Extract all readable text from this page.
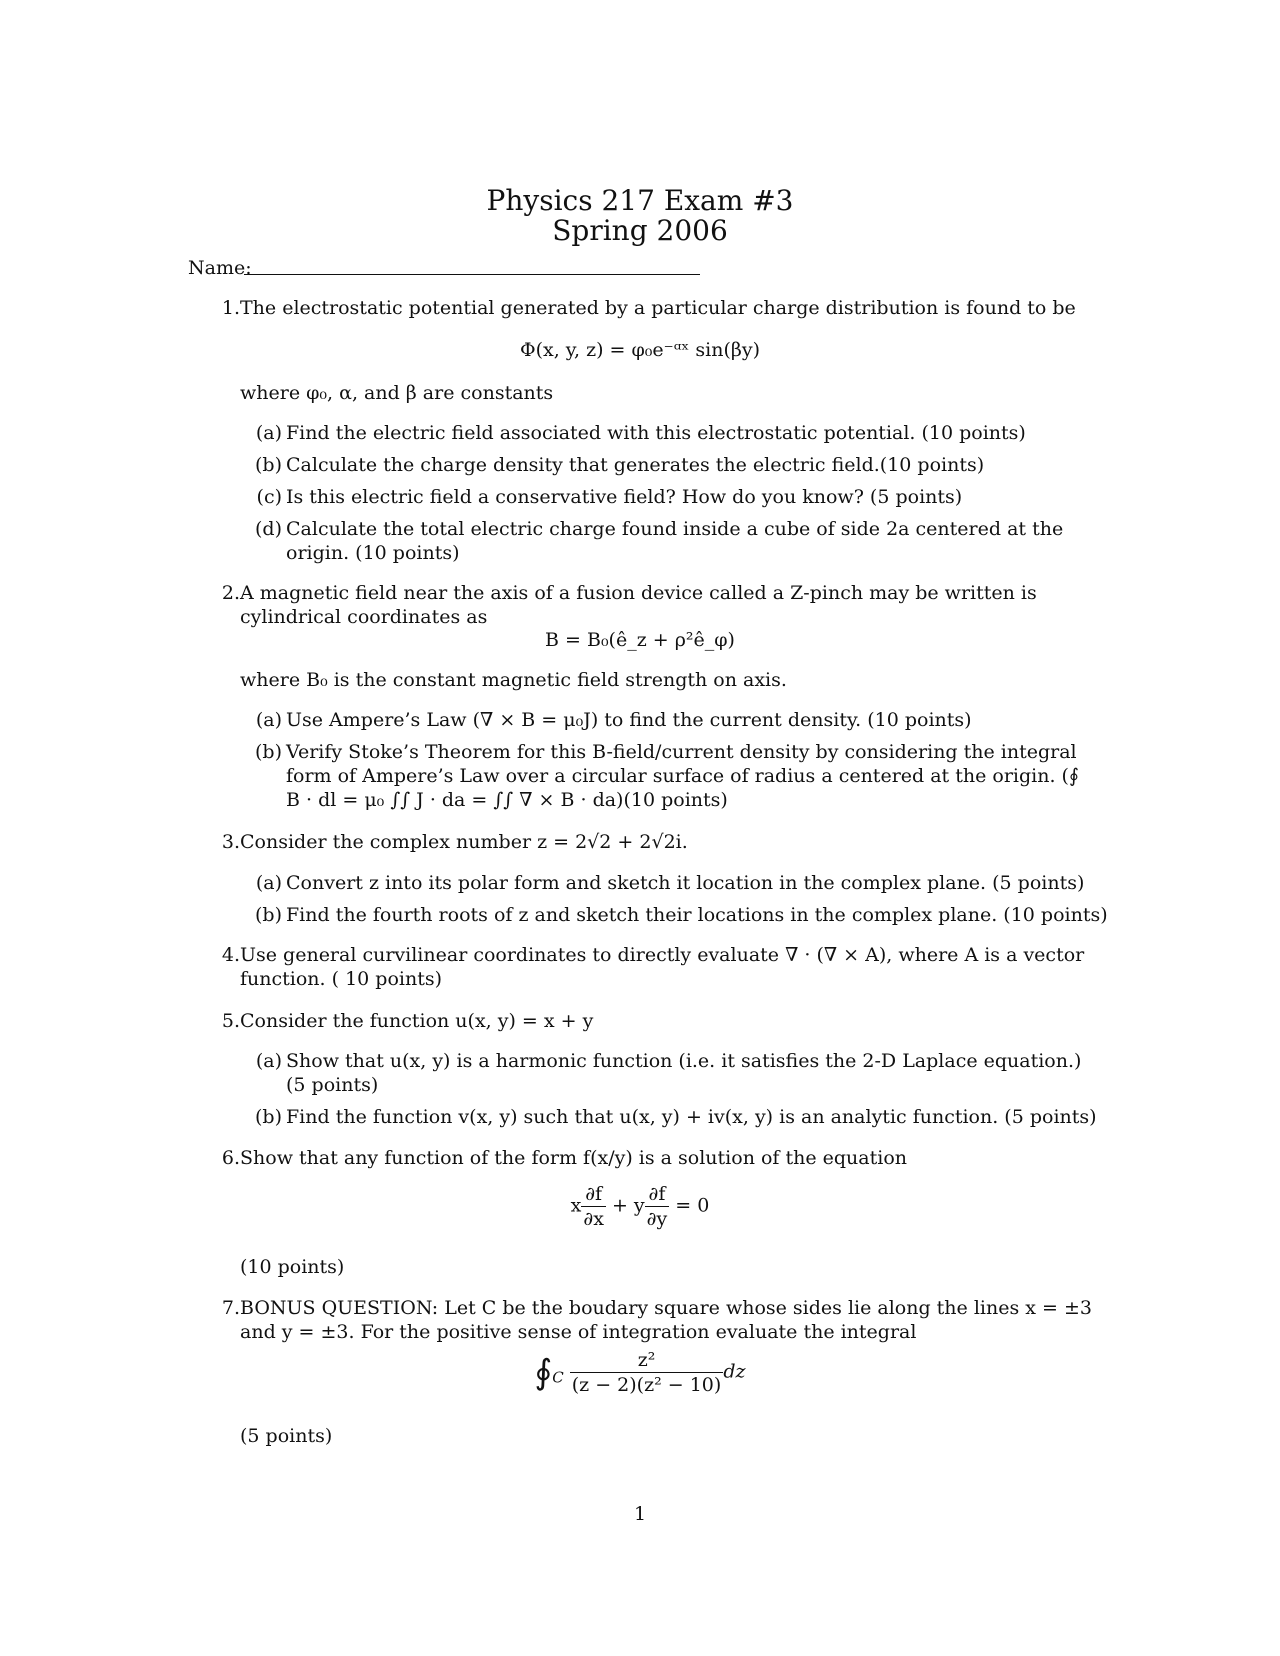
Physics 217 Exam #3
Spring 2006
Name:
1. The electrostatic potential generated by a particular charge distribution is found to be
Φ(x, y, z) = φ₀e⁻ᵅˣ sin(βy)
where φ₀, α, and β are constants
(a) Find the electric field associated with this electrostatic potential. (10 points)
(b) Calculate the charge density that generates the electric field.(10 points)
(c) Is this electric field a conservative field? How do you know? (5 points)
(d) Calculate the total electric charge found inside a cube of side 2a centered at the origin. (10 points)
2. A magnetic field near the axis of a fusion device called a Z-pinch may be written is cylindrical coordinates as
B = B₀(ê_z + ρ²ê_φ)
where B₀ is the constant magnetic field strength on axis.
(a) Use Ampere’s Law (∇ × B = μ₀J) to find the current density. (10 points)
(b) Verify Stoke’s Theorem for this B-field/current density by considering the integral form of Ampere’s Law over a circular surface of radius a centered at the origin. (∮ B · dl = μ₀ ∫∫ J · da = ∫∫ ∇ × B · da)(10 points)
3. Consider the complex number z = 2√2 + 2√2i.
(a) Convert z into its polar form and sketch it location in the complex plane. (5 points)
(b) Find the fourth roots of z and sketch their locations in the complex plane. (10 points)
4. Use general curvilinear coordinates to directly evaluate ∇ · (∇ × A), where A is a vector function. ( 10 points)
5. Consider the function u(x, y) = x + y
(a) Show that u(x, y) is a harmonic function (i.e. it satisfies the 2-D Laplace equation.) (5 points)
(b) Find the function v(x, y) such that u(x, y) + iv(x, y) is an analytic function. (5 points)
6. Show that any function of the form f(x/y) is a solution of the equation
x $\frac{\partial f}{\partial x} + y \frac{\partial f}{\partial y} = 0$
(10 points)
7. BONUS QUESTION: Let C be the boudary square whose sides lie along the lines x = ±3 and y = ±3. For the positive sense of integration evaluate the integral
$∮_C \frac{\text{z²}}{\text{(z − 2)(z² − 10)}}$ dz
(5 points)
1
